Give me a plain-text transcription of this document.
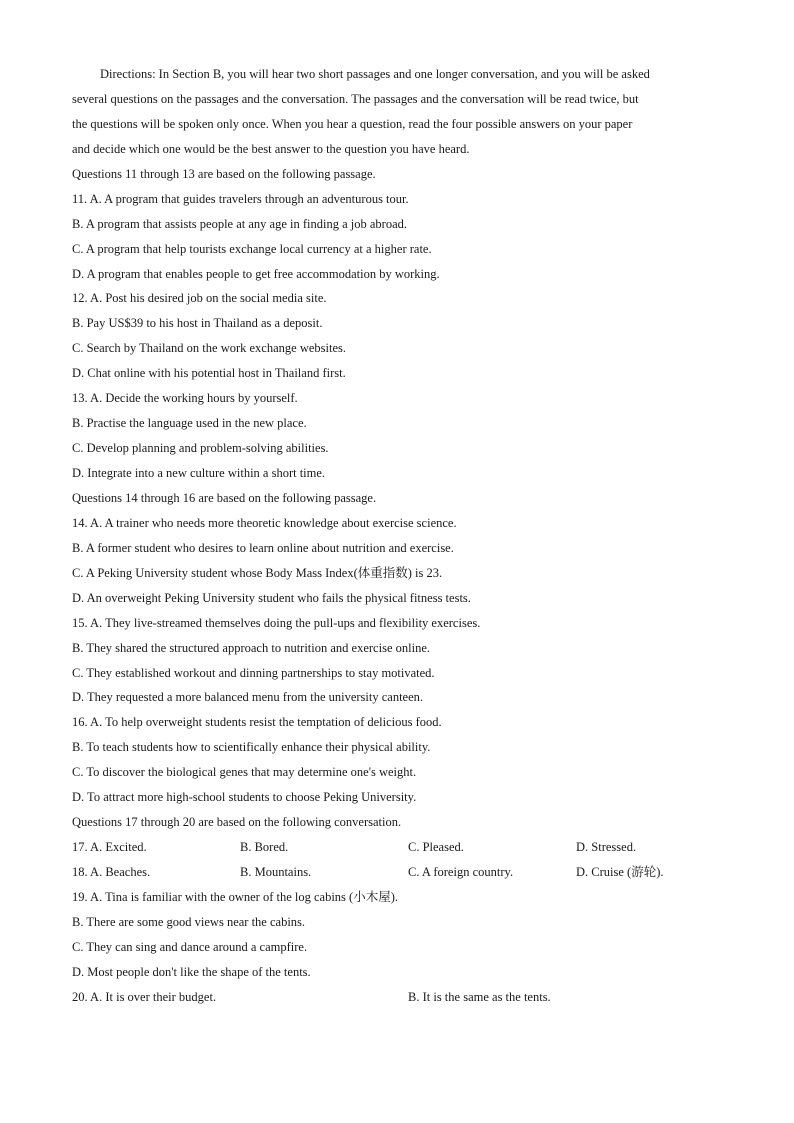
Directions: In Section B, you will hear two short passages and one longer conversation, and you will be asked
several questions on the passages and the conversation. The passages and the conversation will be read twice, but
the questions will be spoken only once. When you hear a question, read the four possible answers on your paper
and decide which one would be the best answer to the question you have heard.
Questions 11 through 13 are based on the following passage.
11. A. A program that guides travelers through an adventurous tour.
B. A program that assists people at any age in finding a job abroad.
C. A program that help tourists exchange local currency at a higher rate.
D. A program that enables people to get free accommodation by working.
12. A. Post his desired job on the social media site.
B. Pay US$39 to his host in Thailand as a deposit.
C. Search by Thailand on the work exchange websites.
D. Chat online with his potential host in Thailand first.
13. A. Decide the working hours by yourself.
B. Practise the language used in the new place.
C. Develop planning and problem-solving abilities.
D. Integrate into a new culture within a short time.
Questions 14 through 16 are based on the following passage.
14. A. A trainer who needs more theoretic knowledge about exercise science.
B. A former student who desires to learn online about nutrition and exercise.
C. A Peking University student whose Body Mass Index(体重指数) is 23.
D. An overweight Peking University student who fails the physical fitness tests.
15. A. They live-streamed themselves doing the pull-ups and flexibility exercises.
B. They shared the structured approach to nutrition and exercise online.
C. They established workout and dinning partnerships to stay motivated.
D. They requested a more balanced menu from the university canteen.
16. A. To help overweight students resist the temptation of delicious food.
B. To teach students how to scientifically enhance their physical ability.
C. To discover the biological genes that may determine one's weight.
D. To attract more high-school students to choose Peking University.
Questions 17 through 20 are based on the following conversation.
17. A. Excited.	B. Bored.	C. Pleased.	D. Stressed.
18. A. Beaches.	B. Mountains.	C. A foreign country.	D. Cruise (游轮).
19. A. Tina is familiar with the owner of the log cabins (小木屋).
B. There are some good views near the cabins.
C. They can sing and dance around a campfire.
D. Most people don't like the shape of the tents.
20. A. It is over their budget.	B. It is the same as the tents.
